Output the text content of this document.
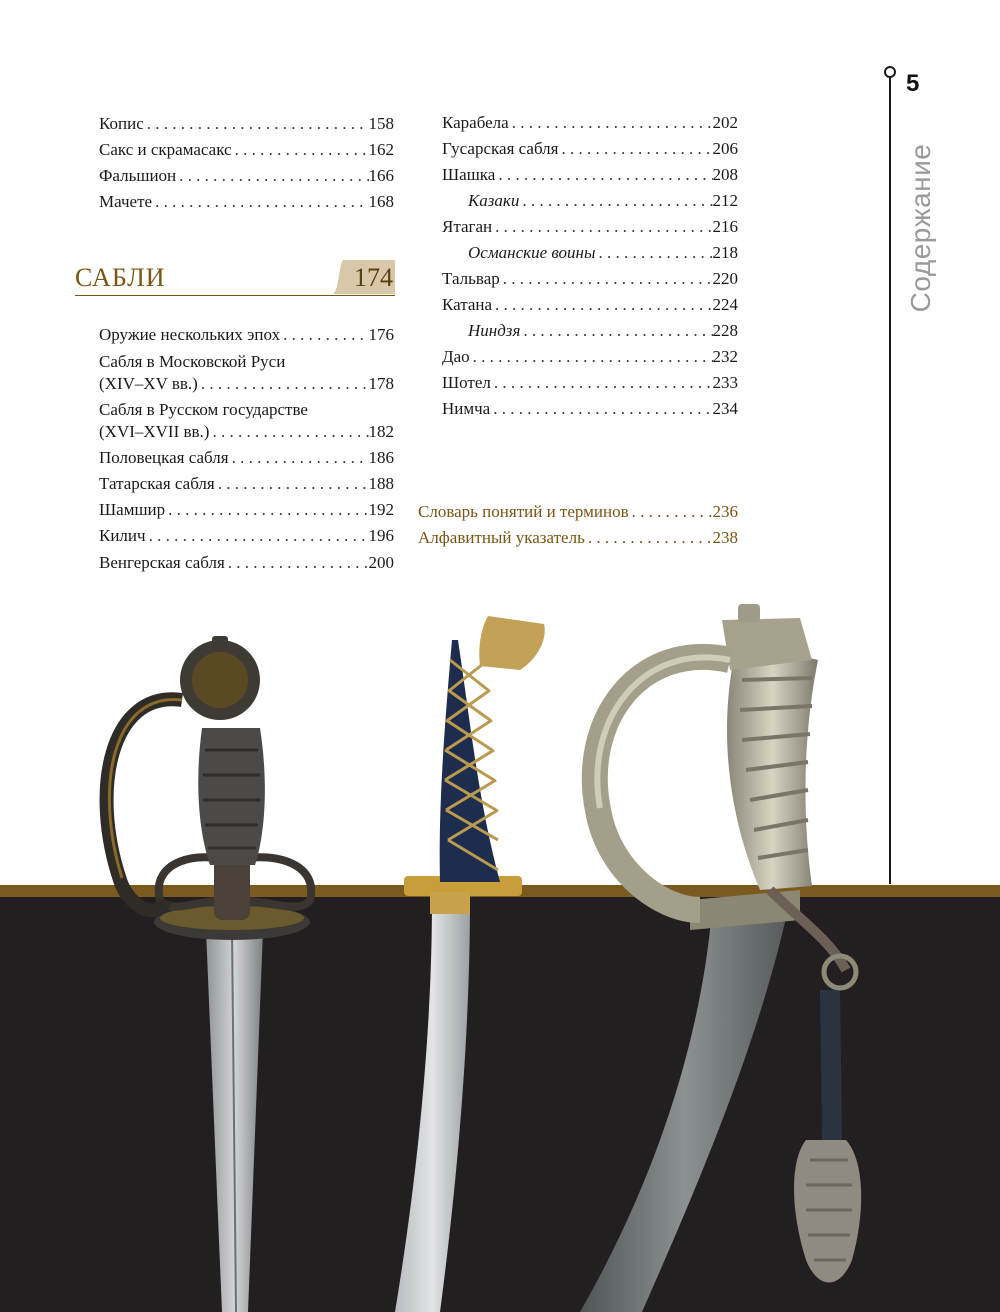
5
Содержание
Копис . . .	158
Сакс и скрамасакс . . .	162
Фальшион . . .	166
Мачете . . .	168
САБЛИ	174
Оружие нескольких эпох . . .	176
Сабля в Московской Руси
(XIV–XV вв.) . . .	178
Сабля в Русском государстве
(XVI–XVII вв.) . . .	182
Половецкая сабля . . .	186
Татарская сабля . . .	188
Шамшир . . .	192
Килич . . .	196
Венгерская сабля . . .	200
Карабела . . .	202
Гусарская сабля . . .	206
Шашка . . .	208
Казаки . . .	212
Ятаган . . .	216
Османские воины . . .	218
Тальвар . . .	220
Катана . . .	224
Ниндзя . . .	228
Дао . . .	232
Шотел . . .	233
Нимча . . .	234
Словарь понятий и терминов . . .	236
Алфавитный указатель . . .	238
